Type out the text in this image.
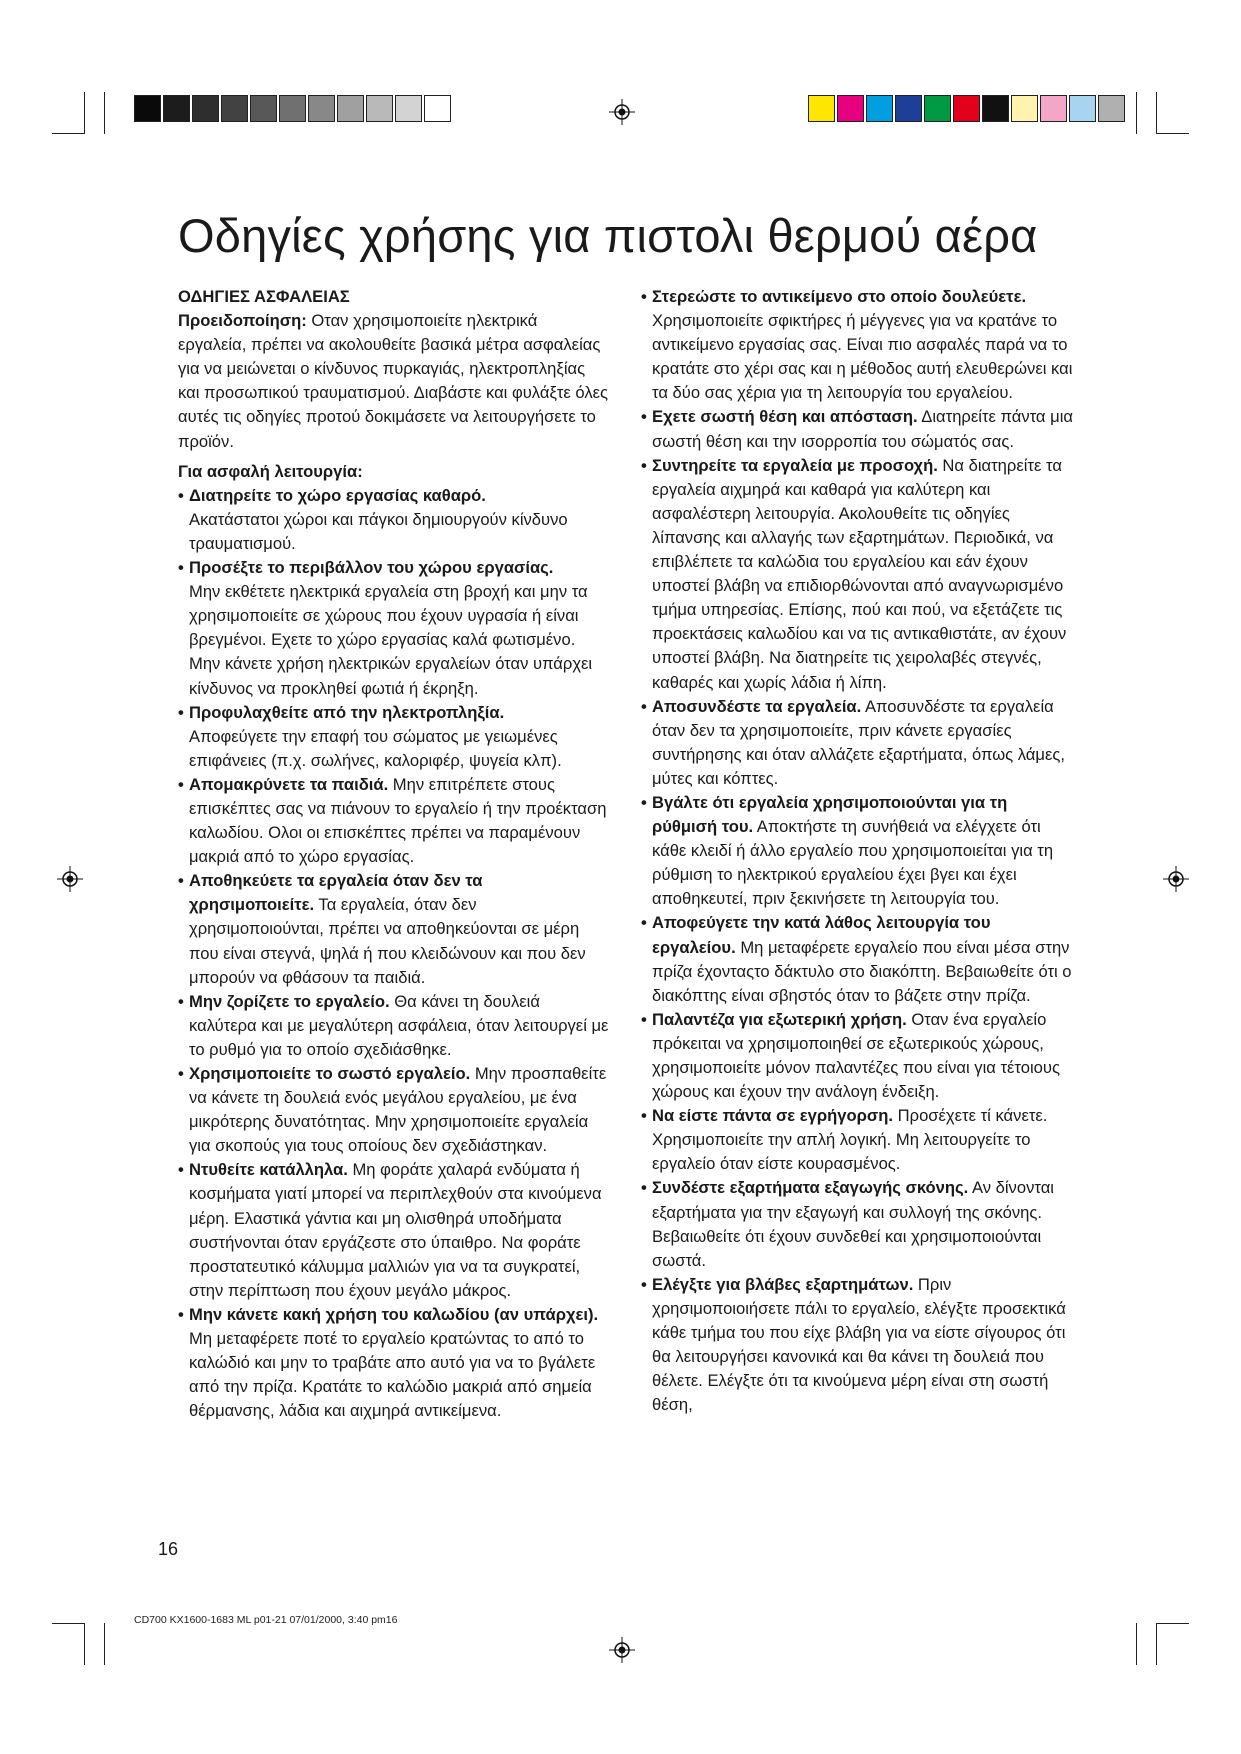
Οδηγίες χρήσης για πιστολι θερμού αέρα

ΟΔΗΓΙΕΣ ΑΣΦΑΛΕΙΑΣ

Προειδοποίηση: Οταν χρησιμοποιείτε ηλεκτρικά εργαλεία, πρέπει να ακολουθείτε βασικά μέτρα ασφαλείας για να μειώνεται ο κίνδυνος πυρκαγιάς, ηλεκτροπληξίας και προσωπικού τραυματισμού. Διαβάστε και φυλάξτε όλες αυτές τις οδηγίες προτού δοκιμάσετε να λειτουργήσετε το προϊόν.

Για ασφαλή λειτουργία:

• Διατηρείτε το χώρο εργασίας καθαρό.
Ακατάστατοι χώροι και πάγκοι δημιουργούν κίνδυνο τραυματισμού.
• Προσέξτε το περιβάλλον του χώρου εργασίας.
Μην εκθέτετε ηλεκτρικά εργαλεία στη βροχή και μην τα χρησιμοποιείτε σε χώρους που έχουν υγρασία ή είναι βρεγμένοι. Εχετε το χώρο εργασίας καλά φωτισμένο. Μην κάνετε χρήση ηλεκτρικών εργαλείων όταν υπάρχει κίνδυνος να προκληθεί φωτιά ή έκρηξη.
• Προφυλαχθείτε από την ηλεκτροπληξία.
Αποφεύγετε την επαφή του σώματος με γειωμένες επιφάνειες (π.χ. σωλήνες, καλοριφέρ, ψυγεία κλπ).
• Απομακρύνετε τα παιδιά. Μην επιτρέπετε στους επισκέπτες σας να πιάνουν το εργαλείο ή την προέκταση καλωδίου. Ολοι οι επισκέπτες πρέπει να παραμένουν μακριά από το χώρο εργασίας.
• Αποθηκεύετε τα εργαλεία όταν δεν τα χρησιμοποιείτε. Τα εργαλεία, όταν δεν χρησιμοποιούνται, πρέπει να αποθηκεύονται σε μέρη που είναι στεγνά, ψηλά ή που κλειδώνουν και που δεν μπορούν να φθάσουν τα παιδιά.
• Μην ζορίζετε το εργαλείο. Θα κάνει τη δουλειά καλύτερα και με μεγαλύτερη ασφάλεια, όταν λειτουργεί με το ρυθμό για το οποίο σχεδιάσθηκε.
• Χρησιμοποιείτε το σωστό εργαλείο. Μην προσπαθείτε να κάνετε τη δουλειά ενός μεγάλου εργαλείου, με ένα μικρότερης δυνατότητας. Μην χρησιμοποιείτε εργαλεία για σκοπούς για τους οποίους δεν σχεδιάστηκαν.
• Ντυθείτε κατάλληλα. Μη φοράτε χαλαρά ενδύματα ή κοσμήματα γιατί μπορεί να περιπλεχθούν στα κινούμενα μέρη. Ελαστικά γάντια και μη ολισθηρά υποδήματα συστήνονται όταν εργάζεστε στο ύπαιθρο. Να φοράτε προστατευτικό κάλυμμα μαλλιών για να τα συγκρατεί, στην περίπτωση που έχουν μεγάλο μάκρος.
• Μην κάνετε κακή χρήση του καλωδίου (αν υπάρχει).
Μη μεταφέρετε ποτέ το εργαλείο κρατώντας το από το καλώδιό και μην το τραβάτε απο αυτό για να το βγάλετε από την πρίζα. Κρατάτε το καλώδιο μακριά από σημεία θέρμανσης, λάδια και αιχμηρά αντικείμενα.
• Στερεώστε το αντικείμενο στο οποίο δουλεύετε.
Χρησιμοποιείτε σφικτήρες ή μέγγενες για να κρατάνε το αντικείμενο εργασίας σας. Είναι πιο ασφαλές παρά να το κρατάτε στο χέρι σας και η μέθοδος αυτή ελευθερώνει και τα δύο σας χέρια για τη λειτουργία του εργαλείου.
• Εχετε σωστή θέση και απόσταση. Διατηρείτε πάντα μια σωστή θέση και την ισορροπία του σώματός σας.
• Συντηρείτε τα εργαλεία με προσοχή. Να διατηρείτε τα εργαλεία αιχμηρά και καθαρά για καλύτερη και ασφαλέστερη λειτουργία. Ακολουθείτε τις οδηγίες λίπανσης και αλλαγής των εξαρτημάτων. Περιοδικά, να επιβλέπετε τα καλώδια του εργαλείου και εάν έχουν υποστεί βλάβη να επιδιορθώνονται από αναγνωρισμένο τμήμα υπηρεσίας. Επίσης, πού και πού, να εξετάζετε τις προεκτάσεις καλωδίου και να τις αντικαθιστάτε, αν έχουν υποστεί βλάβη. Να διατηρείτε τις χειρολαβές στεγνές, καθαρές και χωρίς λάδια ή λίπη.
• Αποσυνδέστε τα εργαλεία. Αποσυνδέστε τα εργαλεία όταν δεν τα χρησιμοποιείτε, πριν κάνετε εργασίες συντήρησης και όταν αλλάζετε εξαρτήματα, όπως λάμες, μύτες και κόπτες.
• Βγάλτε ότι εργαλεία χρησιμοποιούνται για τη ρύθμισή του. Αποκτήστε τη συνήθειά να ελέγχετε ότι κάθε κλειδί ή άλλο εργαλείο που χρησιμοποιείται για τη ρύθμιση το ηλεκτρικού εργαλείου έχει βγει και έχει αποθηκευτεί, πριν ξεκινήσετε τη λειτουργία του.
• Αποφεύγετε την κατά λάθος λειτουργία του εργαλείου. Μη μεταφέρετε εργαλείο που είναι μέσα στην πρίζα έχονταςτο δάκτυλο στο διακόπτη. Βεβαιωθείτε ότι ο διακόπτης είναι σβηστός όταν το βάζετε στην πρίζα.
• Παλαντέζα για εξωτερική χρήση. Οταν ένα εργαλείο πρόκειται να χρησιμοποιηθεί σε εξωτερικούς χώρους, χρησιμοποιείτε μόνον παλαντέζες που είναι για τέτοιους χώρους και έχουν την ανάλογη ένδειξη.
• Να είστε πάντα σε εγρήγορση. Προσέχετε τί κάνετε. Χρησιμοποιείτε την απλή λογική. Μη λειτουργείτε το εργαλείο όταν είστε κουρασμένος.
• Συνδέστε εξαρτήματα εξαγωγής σκόνης. Αν δίνονται εξαρτήματα για την εξαγωγή και συλλογή της σκόνης. Βεβαιωθείτε ότι έχουν συνδεθεί και χρησιμοποιούνται σωστά.
• Ελέγξτε για βλάβες εξαρτημάτων. Πριν χρησιμοποιοιήσετε πάλι το εργαλείο, ελέγξτε προσεκτικά κάθε τμήμα του που είχε βλάβη για να είστε σίγουρος ότι θα λειτουργήσει κανονικά και θα κάνει τη δουλειά που θέλετε. Ελέγξτε ότι τα κινούμενα μέρη είναι στη σωστή θέση,

16

CD700 KX1600-1683 ML p01-21 07/01/2000, 3:40 pm16
